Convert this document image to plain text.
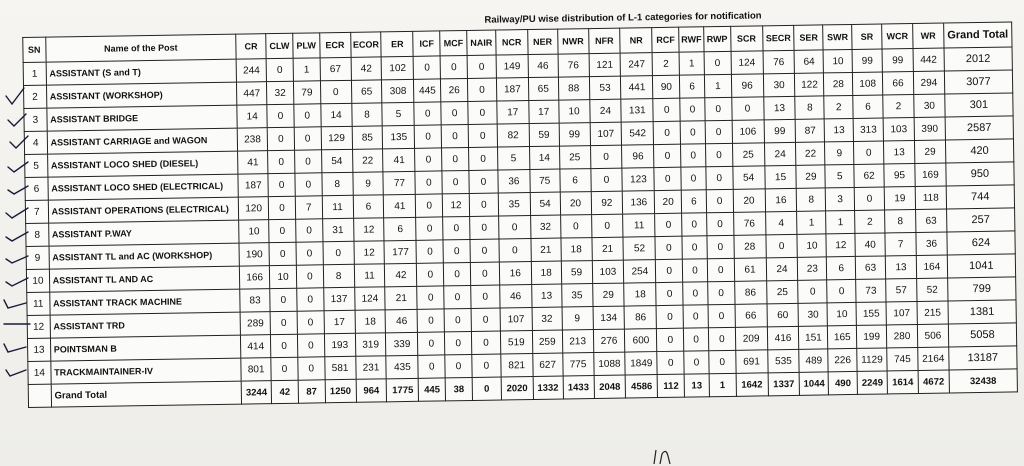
Railway/PU wise distribution of L-1 categories for notification
SN	Name of the Post	CR	CLW	PLW	ECR	ECOR	ER	ICF	MCF	NAIR	NCR	NER	NWR	NFR	NR	RCF	RWF	RWP	SCR	SECR	SER	SWR	SR	WCR	WR	Grand Total
1	ASSISTANT (S and T)	244	0	1	67	42	102	0	0	0	149	46	76	121	247	2	1	0	124	76	64	10	99	99	442	2012
2	ASSISTANT (WORKSHOP)	447	32	79	0	65	308	445	26	0	187	65	88	53	441	90	6	1	96	30	122	28	108	66	294	3077
3	ASSISTANT BRIDGE	14	0	0	14	8	5	0	0	0	17	17	10	24	131	0	0	0	0	13	8	2	6	2	30	301
4	ASSISTANT CARRIAGE and WAGON	238	0	0	129	85	135	0	0	0	82	59	99	107	542	0	0	0	106	99	87	13	313	103	390	2587
5	ASSISTANT LOCO SHED (DIESEL)	41	0	0	54	22	41	0	0	0	5	14	25	0	96	0	0	0	25	24	22	9	0	13	29	420
6	ASSISTANT LOCO SHED (ELECTRICAL)	187	0	0	8	9	77	0	0	0	36	75	6	0	123	0	0	0	54	15	29	5	62	95	169	950
7	ASSISTANT OPERATIONS (ELECTRICAL)	120	0	7	11	6	41	0	12	0	35	54	20	92	136	20	6	0	20	16	8	3	0	19	118	744
8	ASSISTANT P.WAY	10	0	0	31	12	6	0	0	0	0	32	0	0	11	0	0	0	76	4	1	1	2	8	63	257
9	ASSISTANT TL and AC (WORKSHOP)	190	0	0	0	12	177	0	0	0	0	21	18	21	52	0	0	0	28	0	10	12	40	7	36	624
10	ASSISTANT TL AND AC	166	10	0	8	11	42	0	0	0	16	18	59	103	254	0	0	0	61	24	23	6	63	13	164	1041
11	ASSISTANT TRACK MACHINE	83	0	0	137	124	21	0	0	0	46	13	35	29	18	0	0	0	86	25	0	0	73	57	52	799
12	ASSISTANT TRD	289	0	0	17	18	46	0	0	0	107	32	9	134	86	0	0	0	66	60	30	10	155	107	215	1381
13	POINTSMAN B	414	0	0	193	319	339	0	0	0	519	259	213	276	600	0	0	0	209	416	151	165	199	280	506	5058
14	TRACKMAINTAINER-IV	801	0	0	581	231	435	0	0	0	821	627	775	1088	1849	0	0	0	691	535	489	226	1129	745	2164	13187
	Grand Total	3244	42	87	1250	964	1775	445	38	0	2020	1332	1433	2048	4586	112	13	1	1642	1337	1044	490	2249	1614	4672	32438
